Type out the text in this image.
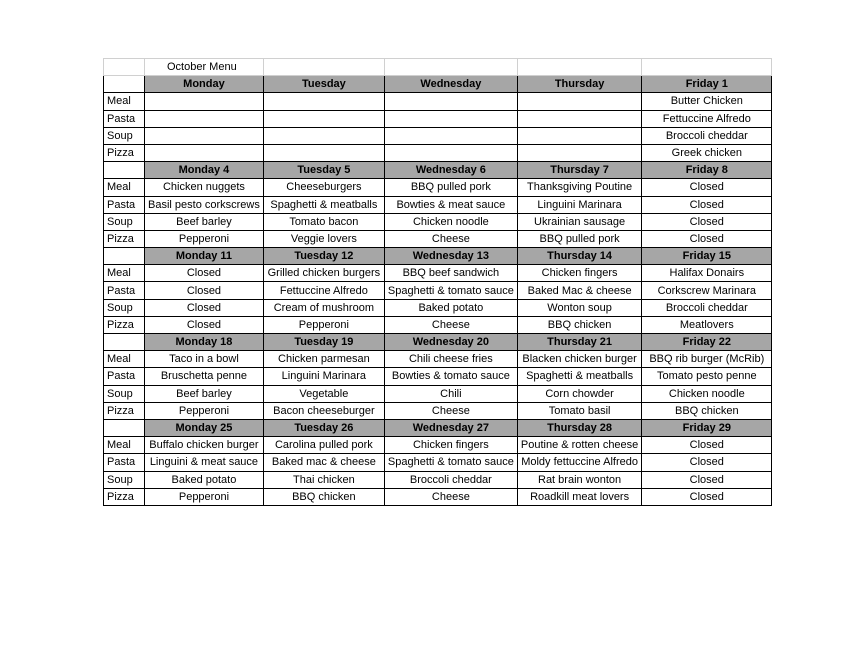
	October Menu				
	Monday	Tuesday	Wednesday	Thursday	Friday 1
Meal					Butter Chicken
Pasta					Fettuccine Alfredo
Soup					Broccoli cheddar
Pizza					Greek chicken
	Monday 4	Tuesday 5	Wednesday 6	Thursday 7	Friday 8
Meal	Chicken nuggets	Cheeseburgers	BBQ pulled pork	Thanksgiving Poutine	Closed
Pasta	Basil pesto corkscrews	Spaghetti & meatballs	Bowties & meat sauce	Linguini Marinara	Closed
Soup	Beef barley	Tomato bacon	Chicken noodle	Ukrainian sausage	Closed
Pizza	Pepperoni	Veggie lovers	Cheese	BBQ pulled pork	Closed
	Monday 11	Tuesday 12	Wednesday 13	Thursday 14	Friday 15
Meal	Closed	Grilled chicken burgers	BBQ beef sandwich	Chicken fingers	Halifax Donairs
Pasta	Closed	Fettuccine Alfredo	Spaghetti & tomato sauce	Baked Mac & cheese	Corkscrew Marinara
Soup	Closed	Cream of mushroom	Baked potato	Wonton soup	Broccoli cheddar
Pizza	Closed	Pepperoni	Cheese	BBQ chicken	Meatlovers
	Monday 18	Tuesday 19	Wednesday 20	Thursday 21	Friday 22
Meal	Taco in a bowl	Chicken parmesan	Chili cheese fries	Blacken chicken burger	BBQ rib burger (McRib)
Pasta	Bruschetta penne	Linguini Marinara	Bowties & tomato sauce	Spaghetti & meatballs	Tomato pesto penne
Soup	Beef barley	Vegetable	Chili	Corn chowder	Chicken noodle
Pizza	Pepperoni	Bacon cheeseburger	Cheese	Tomato basil	BBQ chicken
	Monday 25	Tuesday 26	Wednesday 27	Thursday 28	Friday 29
Meal	Buffalo chicken burger	Carolina pulled pork	Chicken fingers	Poutine & rotten cheese	Closed
Pasta	Linguini & meat sauce	Baked mac & cheese	Spaghetti & tomato sauce	Moldy fettuccine Alfredo	Closed
Soup	Baked potato	Thai chicken	Broccoli cheddar	Rat brain wonton	Closed
Pizza	Pepperoni	BBQ chicken	Cheese	Roadkill meat lovers	Closed
